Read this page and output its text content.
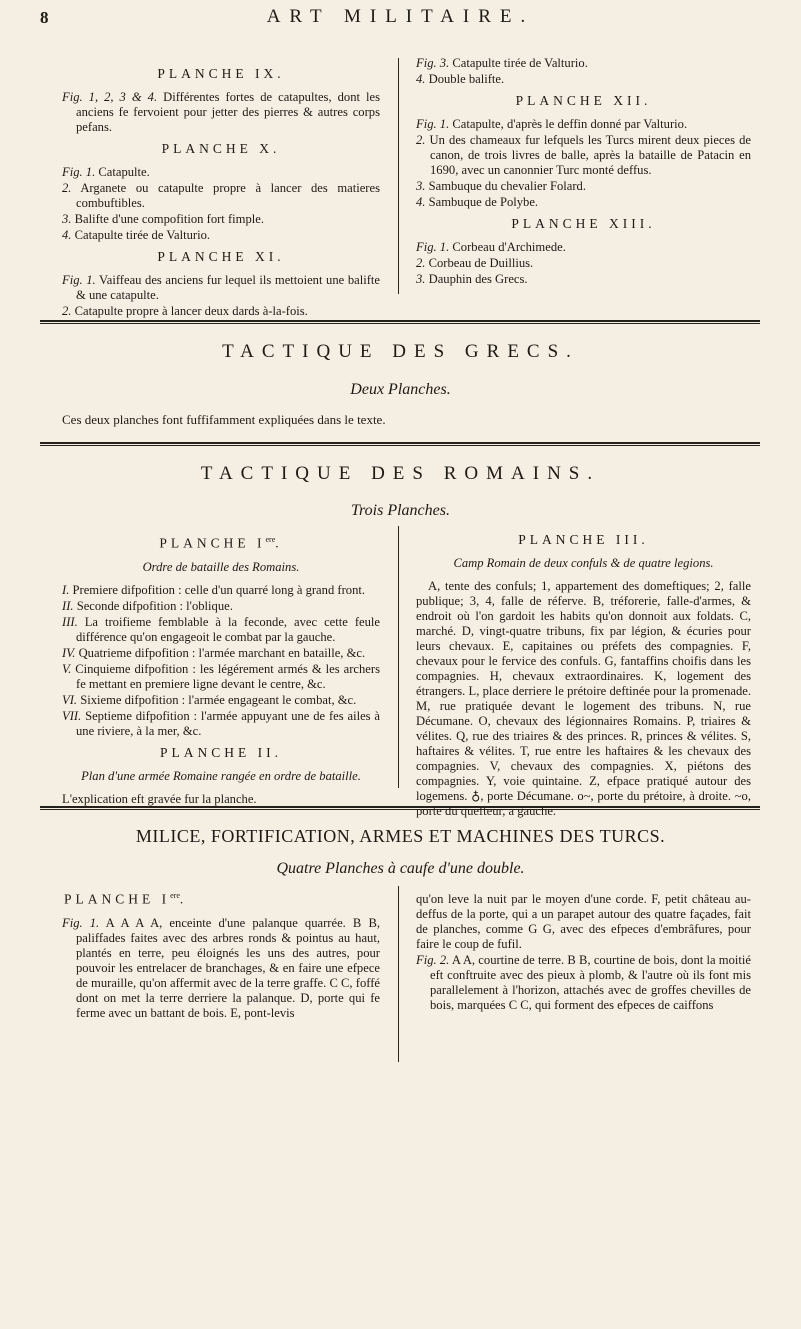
8	ART MILITAIRE.
PLANCHE IX.
Fig. 1, 2, 3 & 4. Différentes fortes de catapultes, dont les anciens fe fervoient pour jetter des pierres & autres corps pefans.
PLANCHE X.
Fig. 1. Catapulte.
2. Arganete ou catapulte propre à lancer des matieres combuftibles.
3. Balifte d'une compofition fort fimple.
4. Catapulte tirée de Valturio.
PLANCHE XI.
Fig. 1. Vaiffeau des anciens fur lequel ils mettoient une balifte & une catapulte.
2. Catapulte propre à lancer deux dards à-la-fois.
Fig. 3. Catapulte tirée de Valturio.
4. Double balifte.
PLANCHE XII.
Fig. 1. Catapulte, d'après le deffin donné par Valturio.
2. Un des chameaux fur lefquels les Turcs mirent deux pieces de canon, de trois livres de balle, après la bataille de Patacin en 1690, avec un canonnier Turc monté deffus.
3. Sambuque du chevalier Folard.
4. Sambuque de Polybe.
PLANCHE XIII.
Fig. 1. Corbeau d'Archimede.
2. Corbeau de Duillius.
3. Dauphin des Grecs.
TACTIQUE DES GRECS.
Deux Planches.
Ces deux planches font fuffifamment expliquées dans le texte.
TACTIQUE DES ROMAINS.
Trois Planches.
PLANCHE Iere.
Ordre de bataille des Romains.
I. Premiere difpofition : celle d'un quarré long à grand front.
II. Seconde difpofition : l'oblique.
III. La troifieme femblable à la feconde, avec cette feule différence qu'on engageoit le combat par la gauche.
IV. Quatrieme difpofition : l'armée marchant en bataille, &c.
V. Cinquieme difpofition : les légérement armés & les archers fe mettant en premiere ligne devant le centre, &c.
VI. Sixieme difpofition : l'armée engageant le combat, &c.
VII. Septieme difpofition : l'armée appuyant une de fes ailes à une riviere, à la mer, &c.
PLANCHE II.
Plan d'une armée Romaine rangée en ordre de bataille.
L'explication eft gravée fur la planche.
PLANCHE III.
Camp Romain de deux confuls & de quatre legions.
A, tente des confuls; 1, appartement des domeftiques; 2, falle publique; 3, 4, falle de réferve. B, tréforerie, falle-d'armes, & endroit où l'on gardoit les habits qu'on donnoit aux foldats. C, marché. D, vingt-quatre tribuns, fix par légion, & écuries pour leurs chevaux. E, capitaines ou préfets des compagnies. F, chevaux pour le fervice des confuls. G, fantaffins choifis dans les compagnies. H, chevaux extraordinaires. K, logement des étrangers. L, place derriere le prétoire deftinée pour la promenade. M, rue pratiquée devant le logement des tribuns. N, rue Décumane. O, chevaux des légionnaires Romains. P, triaires & vélites. Q, rue des triaires & des princes. R, princes & vélites. S, haftaires & vélites. T, rue entre les haftaires & les chevaux des compagnies. V, chevaux des compagnies. X, piétons des compagnies. Y, voie quintaine. Z, efpace pratiqué autour des logemens. ♁, porte Décumane. o~, porte du prétoire, à droite. ~o, porte du quefteur, à gauche.
MILICE, FORTIFICATION, ARMES ET MACHINES DES TURCS.
Quatre Planches à caufe d'une double.
PLANCHE Iere.
Fig. 1. A A A A, enceinte d'une palanque quarrée. B B, paliffades faites avec des arbres ronds & pointus au haut, plantés en terre, peu éloignés les uns des autres, pour pouvoir les entrelacer de branchages, & en faire une efpece de muraille, qu'on affermit avec de la terre graffe. C C, foffé dont on met la terre derriere la palanque. D, porte qui fe ferme avec un battant de bois. E, pont-levis
qu'on leve la nuit par le moyen d'une corde. F, petit château au-deffus de la porte, qui a un parapet autour des quatre façades, fait de planches, comme G G, avec des efpeces d'embrâfures, pour faire le coup de fufil.
Fig. 2. A A, courtine de terre. B B, courtine de bois, dont la moitié eft conftruite avec des pieux à plomb, & l'autre où ils font mis parallelement à l'horizon, attachés avec de groffes chevilles de bois, marquées C C, qui forment des efpeces de caiffons
